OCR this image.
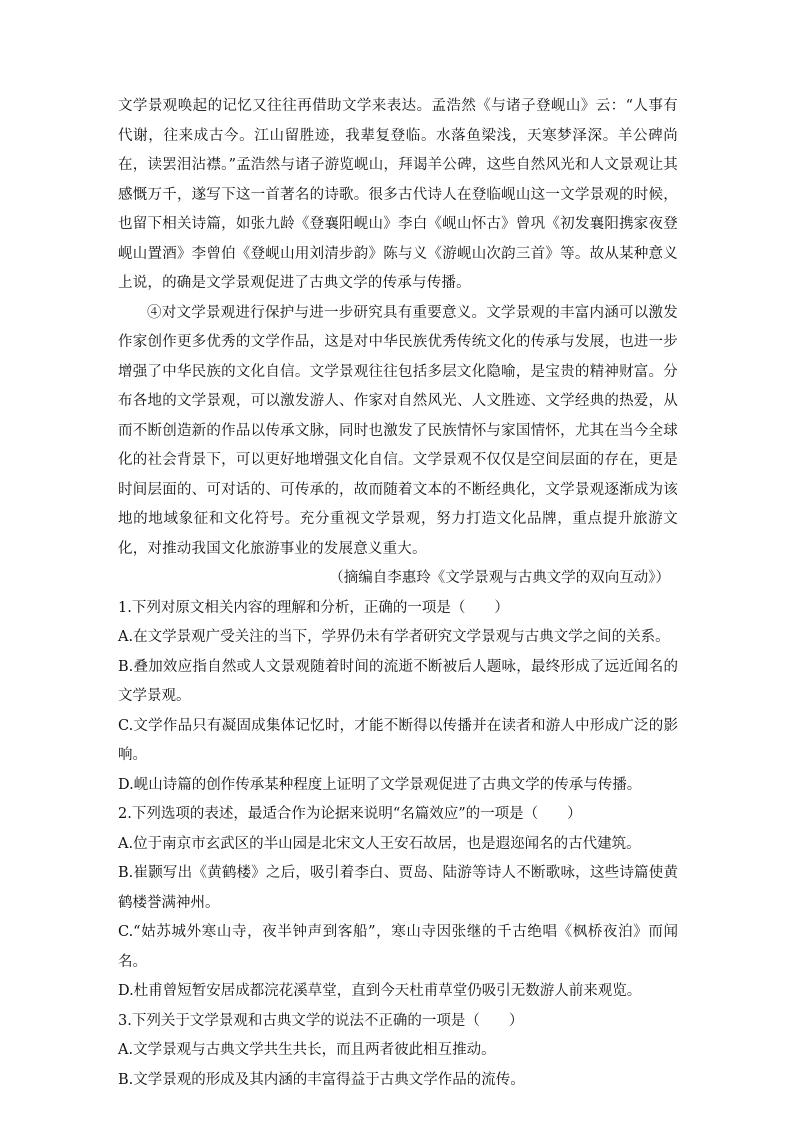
文学景观唤起的记忆又往往再借助文学来表达。孟浩然《与诸子登岘山》云：“人事有代谢，往来成古今。江山留胜迹，我辈复登临。水落鱼梁浅，天寒梦泽深。羊公碑尚在，读罢泪沾襟。”孟浩然与诸子游览岘山，拜谒羊公碑，这些自然风光和人文景观让其感慨万千，遂写下这一首著名的诗歌。很多古代诗人在登临岘山这一文学景观的时候，也留下相关诗篇，如张九龄《登襄阳岘山》李白《岘山怀古》曾巩《初发襄阳携家夜登岘山置酒》李曾伯《登岘山用刘清步韵》陈与义《游岘山次韵三首》等。故从某种意义上说，的确是文学景观促进了古典文学的传承与传播。

④对文学景观进行保护与进一步研究具有重要意义。文学景观的丰富内涵可以激发作家创作更多优秀的文学作品，这是对中华民族优秀传统文化的传承与发展，也进一步增强了中华民族的文化自信。文学景观往往包括多层文化隐喻，是宝贵的精神财富。分布各地的文学景观，可以激发游人、作家对自然风光、人文胜迹、文学经典的热爱，从而不断创造新的作品以传承文脉，同时也激发了民族情怀与家国情怀，尤其在当今全球化的社会背景下，可以更好地增强文化自信。文学景观不仅仅是空间层面的存在，更是时间层面的、可对话的、可传承的，故而随着文本的不断经典化，文学景观逐渐成为该地的地域象征和文化符号。充分重视文学景观，努力打造文化品牌，重点提升旅游文化，对推动我国文化旅游事业的发展意义重大。

（摘编自李惠玲《文学景观与古典文学的双向互动》）

1.下列对原文相关内容的理解和分析，正确的一项是（　　）

A.在文学景观广受关注的当下，学界仍未有学者研究文学景观与古典文学之间的关系。

B.叠加效应指自然或人文景观随着时间的流逝不断被后人题咏，最终形成了远近闻名的文学景观。

C.文学作品只有凝固成集体记忆时，才能不断得以传播并在读者和游人中形成广泛的影响。

D.岘山诗篇的创作传承某种程度上证明了文学景观促进了古典文学的传承与传播。

2.下列选项的表述，最适合作为论据来说明“名篇效应”的一项是（　　）

A.位于南京市玄武区的半山园是北宋文人王安石故居，也是遐迩闻名的古代建筑。

B.崔颢写出《黄鹤楼》之后，吸引着李白、贾岛、陆游等诗人不断歌咏，这些诗篇使黄鹤楼誉满神州。

C.“姑苏城外寒山寺，夜半钟声到客船”，寒山寺因张继的千古绝唱《枫桥夜泊》而闻名。

D.杜甫曾短暂安居成都浣花溪草堂，直到今天杜甫草堂仍吸引无数游人前来观览。

3.下列关于文学景观和古典文学的说法不正确的一项是（　　）

A.文学景观与古典文学共生共长，而且两者彼此相互推动。

B.文学景观的形成及其内涵的丰富得益于古典文学作品的流传。
